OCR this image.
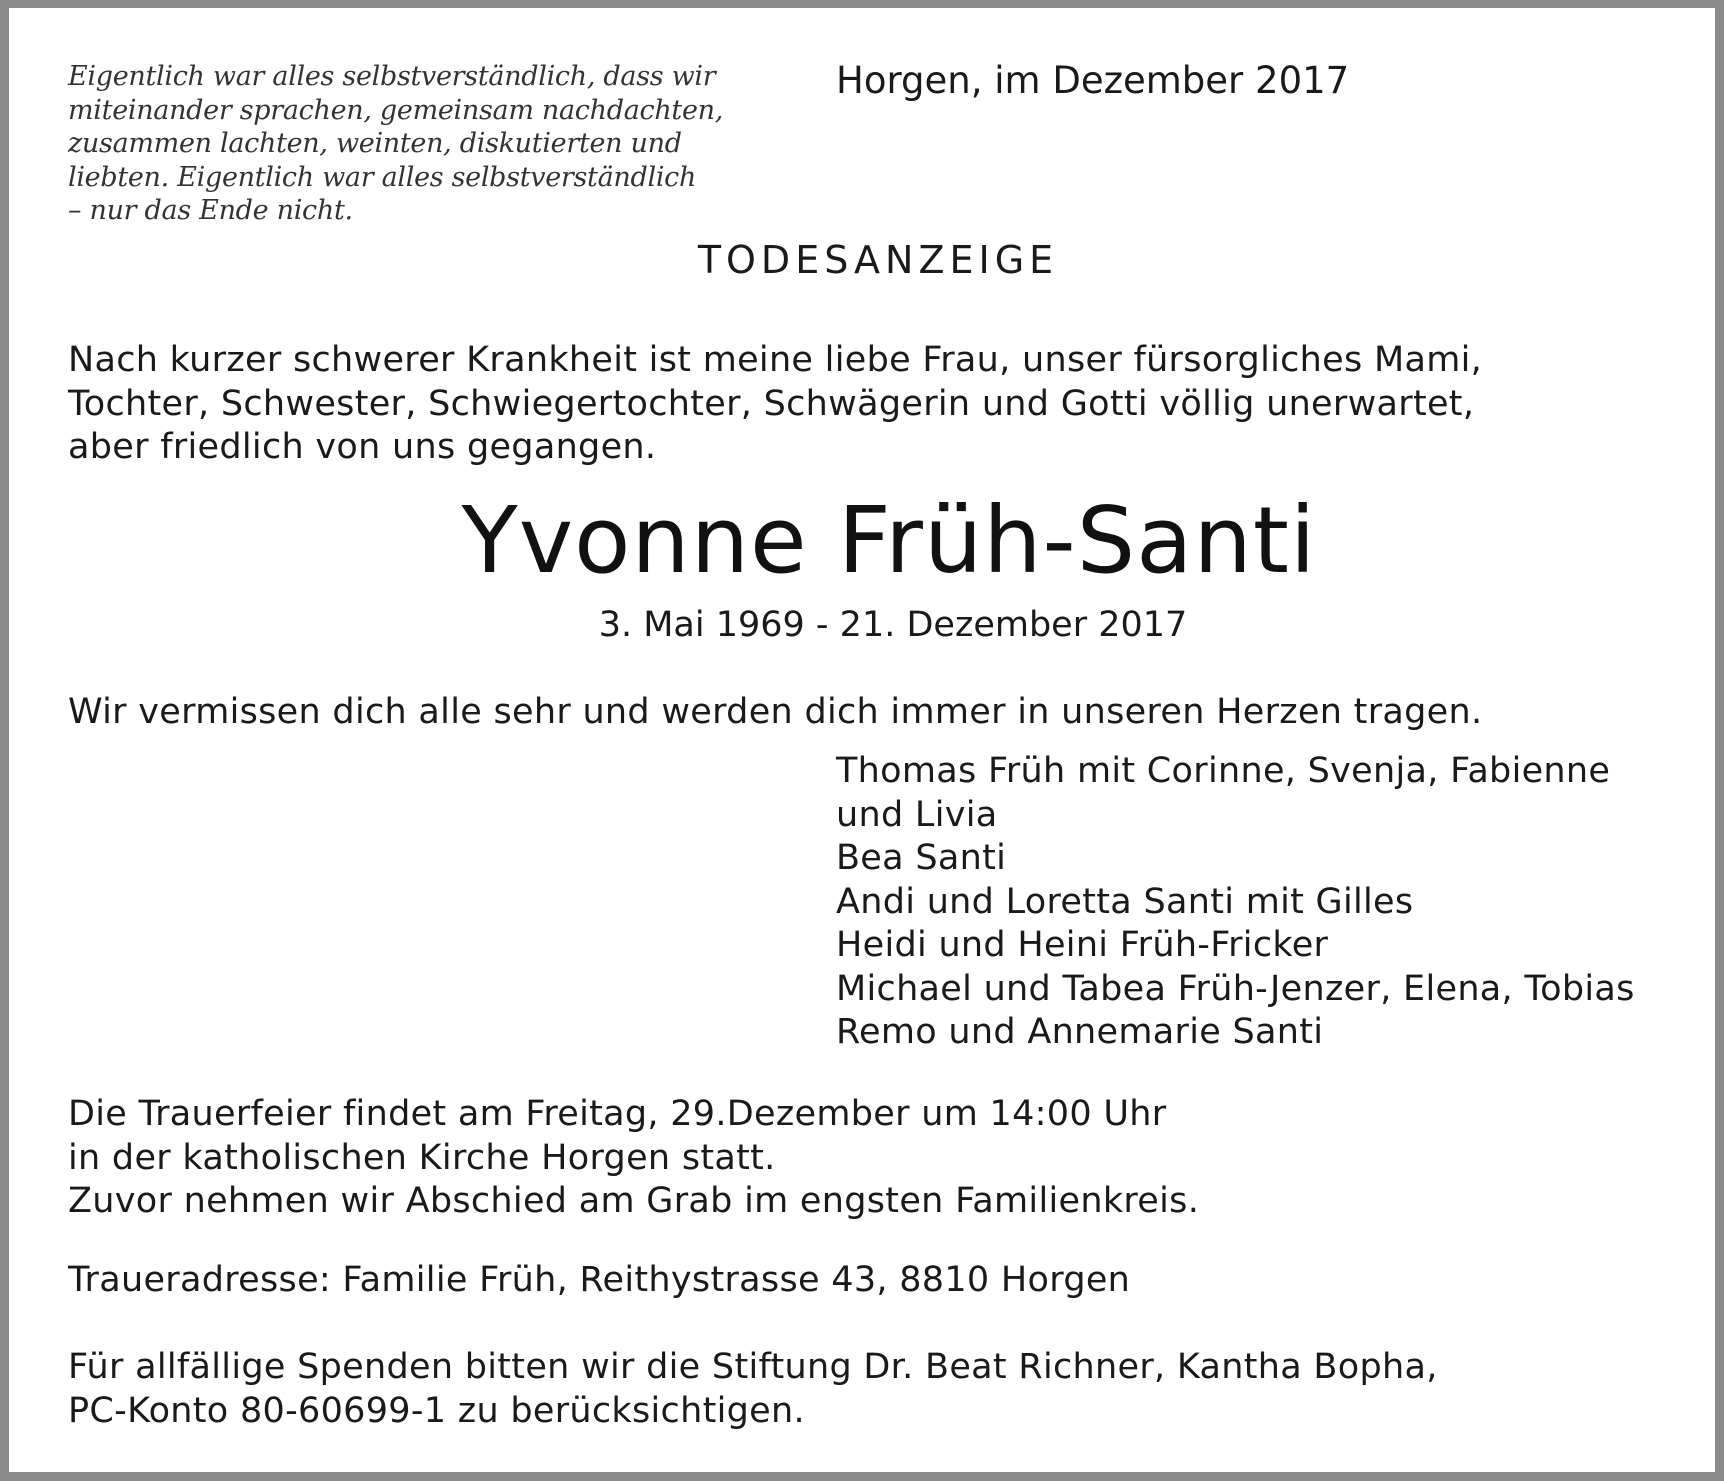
Eigentlich war alles selbstverständlich, dass wir
miteinander sprachen, gemeinsam nachdachten,
zusammen lachten, weinten, diskutierten und
liebten. Eigentlich war alles selbstverständlich
– nur das Ende nicht.
Horgen, im Dezember 2017
TODESANZEIGE
Nach kurzer schwerer Krankheit ist meine liebe Frau, unser fürsorgliches Mami,
Tochter, Schwester, Schwiegertochter, Schwägerin und Gotti völlig unerwartet,
aber friedlich von uns gegangen.
Yvonne Früh-Santi
3. Mai 1969 - 21. Dezember 2017
Wir vermissen dich alle sehr und werden dich immer in unseren Herzen tragen.
Thomas Früh mit Corinne, Svenja, Fabienne
und Livia
Bea Santi
Andi und Loretta Santi mit Gilles
Heidi und Heini Früh-Fricker
Michael und Tabea Früh-Jenzer, Elena, Tobias
Remo und Annemarie Santi
Die Trauerfeier findet am Freitag, 29.Dezember um 14:00 Uhr
in der katholischen Kirche Horgen statt.
Zuvor nehmen wir Abschied am Grab im engsten Familienkreis.
Traueradresse: Familie Früh, Reithystrasse 43, 8810 Horgen
Für allfällige Spenden bitten wir die Stiftung Dr. Beat Richner, Kantha Bopha,
PC-Konto 80-60699-1 zu berücksichtigen.
